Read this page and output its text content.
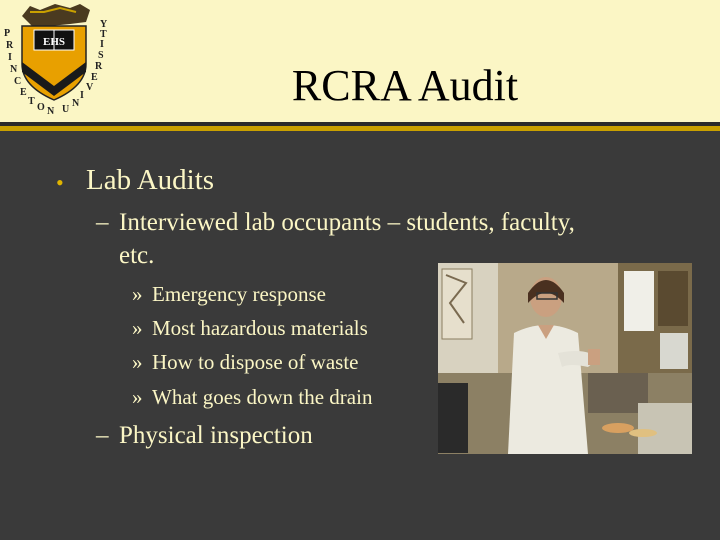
EHS
P
R
I
N
C
E
T
O N U
N
I
V
E
R
S
I
T
Y
RCRA Audit
• Lab Audits
– Interviewed lab occupants – students, faculty,
etc.
» Emergency response
» Most hazardous materials
» How to dispose of waste
» What goes down the drain
– Physical inspection
